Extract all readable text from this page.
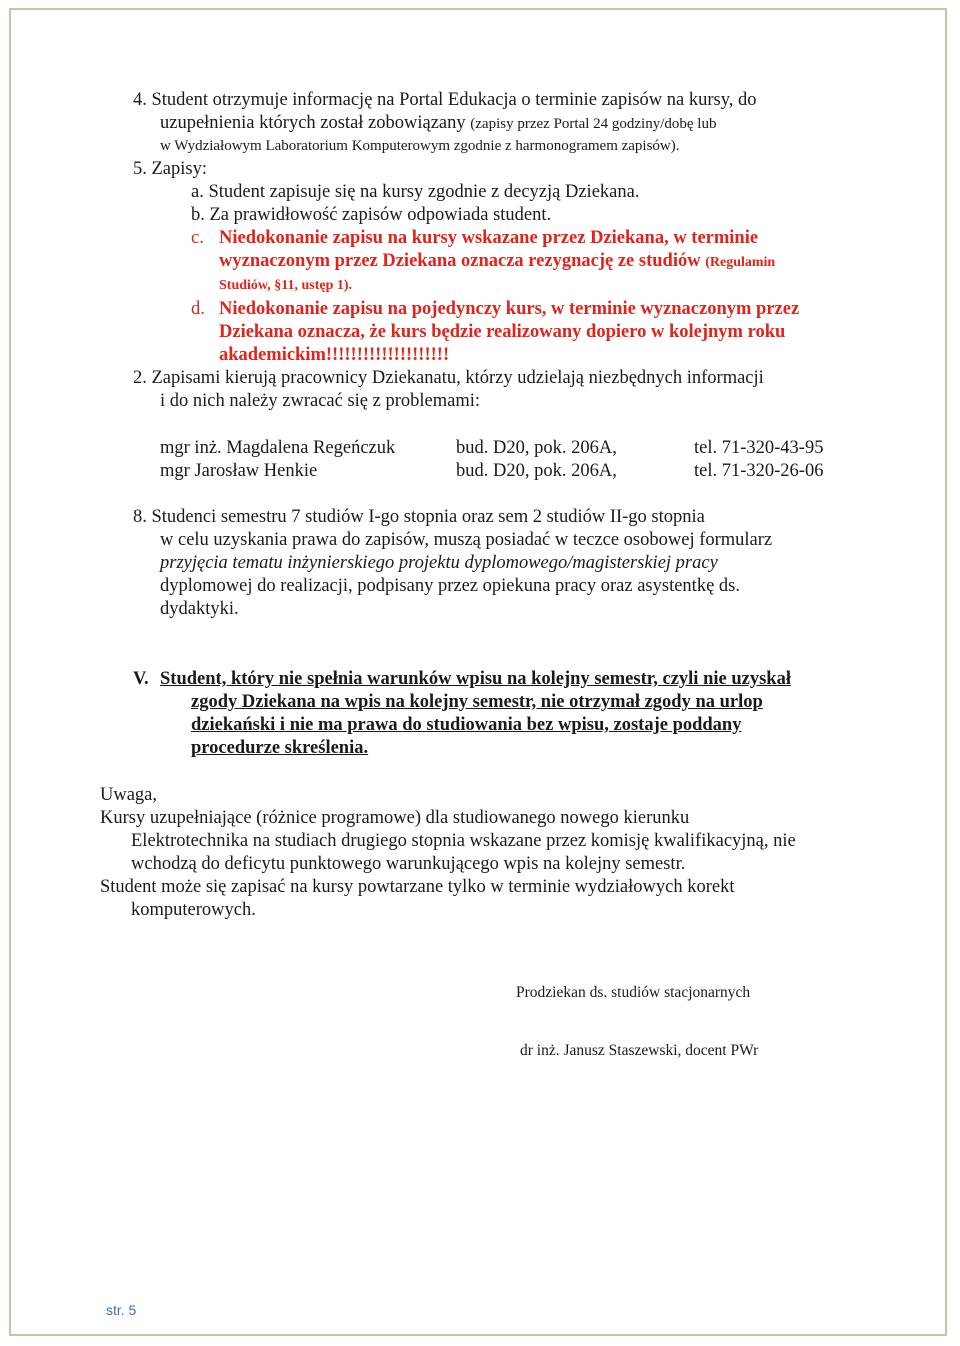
4. Student otrzymuje informację na Portal Edukacja o terminie zapisów na kursy, do
uzupełnienia których został zobowiązany (zapisy przez Portal 24 godziny/dobę lub
w Wydziałowym Laboratorium Komputerowym zgodnie z harmonogramem zapisów).
5. Zapisy:
a. Student zapisuje się na kursy zgodnie z decyzją Dziekana.
b. Za prawidłowość zapisów odpowiada student.
c. Niedokonanie zapisu na kursy wskazane przez Dziekana, w terminie
wyznaczonym przez Dziekana oznacza rezygnację ze studiów (Regulamin
Studiów, §11, ustęp 1).
d. Niedokonanie zapisu na pojedynczy kurs, w terminie wyznaczonym przez
Dziekana oznacza, że kurs będzie realizowany dopiero w kolejnym roku
akademickim!!!!!!!!!!!!!!!!!!!!
2. Zapisami kierują pracownicy Dziekanatu, którzy udzielają niezbędnych informacji
i do nich należy zwracać się z problemami:
mgr inż. Magdalena Regeńczuk	bud. D20, pok. 206A,	tel. 71-320-43-95
mgr Jarosław Henkie	bud. D20, pok. 206A,	tel. 71-320-26-06
8. Studenci semestru 7 studiów I-go stopnia oraz sem 2 studiów II-go stopnia
w celu uzyskania prawa do zapisów, muszą posiadać w teczce osobowej formularz
przyjęcia tematu inżynierskiego projektu dyplomowego/magisterskiej pracy
dyplomowej do realizacji, podpisany przez opiekuna pracy oraz asystentkę ds.
dydaktyki.
V. Student, który nie spełnia warunków wpisu na kolejny semestr, czyli nie uzyskał
zgody Dziekana na wpis na kolejny semestr, nie otrzymał zgody na urlop
dziekański i nie ma prawa do studiowania bez wpisu, zostaje poddany
procedurze skreślenia.
Uwaga,
Kursy uzupełniające (różnice programowe) dla studiowanego nowego kierunku
Elektrotechnika na studiach drugiego stopnia wskazane przez komisję kwalifikacyjną, nie
wchodzą do deficytu punktowego warunkującego wpis na kolejny semestr.
Student może się zapisać na kursy powtarzane tylko w terminie wydziałowych korekt
komputerowych.
Prodziekan ds. studiów stacjonarnych
dr inż. Janusz Staszewski, docent PWr
str. 5
